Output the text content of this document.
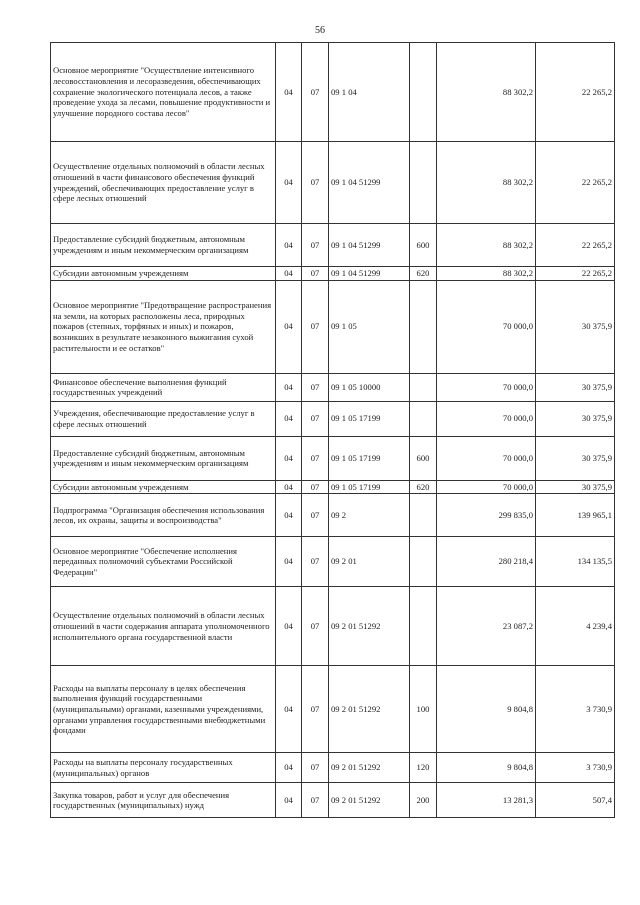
56
Основное мероприятие "Осуществление интенсивного лесовосстановления и лесоразведения, обеспечивающих сохранение экологического потенциала лесов, а также проведение ухода за лесами, повышение продуктивности и улучшение породного состава лесов"	04	07	09 1 04		88 302,2	22 265,2
Осуществление отдельных полномочий в области лесных отношений в части финансового обеспечения функций учреждений, обеспечивающих предоставление услуг в сфере лесных отношений	04	07	09 1 04 51299		88 302,2	22 265,2
Предоставление субсидий бюджетным, автономным учреждениям и иным некоммерческим организациям	04	07	09 1 04 51299	600	88 302,2	22 265,2
Субсидии автономным учреждениям	04	07	09 1 04 51299	620	88 302,2	22 265,2
Основное мероприятие "Предотвращение распространения на земли, на которых расположены леса, природных пожаров (степных, торфяных и иных) и пожаров, возникших в результате незаконного выжигания сухой растительности и ее остатков"	04	07	09 1 05		70 000,0	30 375,9
Финансовое обеспечение выполнения функций государственных учреждений	04	07	09 1 05 10000		70 000,0	30 375,9
Учреждения, обеспечивающие предоставление услуг в сфере лесных отношений	04	07	09 1 05 17199		70 000,0	30 375,9
Предоставление субсидий бюджетным, автономным учреждениям и иным некоммерческим организациям	04	07	09 1 05 17199	600	70 000,0	30 375,9
Субсидии автономным учреждениям	04	07	09 1 05 17199	620	70 000,0	30 375,9
Подпрограмма "Организация обеспечения использования лесов, их охраны, защиты и воспроизводства"	04	07	09 2		299 835,0	139 965,1
Основное мероприятие "Обеспечение исполнения переданных полномочий субъектами Российской Федерации"	04	07	09 2 01		280 218,4	134 135,5
Осуществление отдельных полномочий в области лесных отношений в части содержания аппарата уполномоченного исполнительного органа государственной власти	04	07	09 2 01 51292		23 087,2	4 239,4
Расходы на выплаты персоналу в целях обеспечения выполнения функций государственными (муниципальными) органами, казенными учреждениями, органами управления государственными внебюджетными фондами	04	07	09 2 01 51292	100	9 804,8	3 730,9
Расходы на выплаты персоналу государственных (муниципальных) органов	04	07	09 2 01 51292	120	9 804,8	3 730,9
Закупка товаров, работ и услуг для обеспечения государственных (муниципальных) нужд	04	07	09 2 01 51292	200	13 281,3	507,4
